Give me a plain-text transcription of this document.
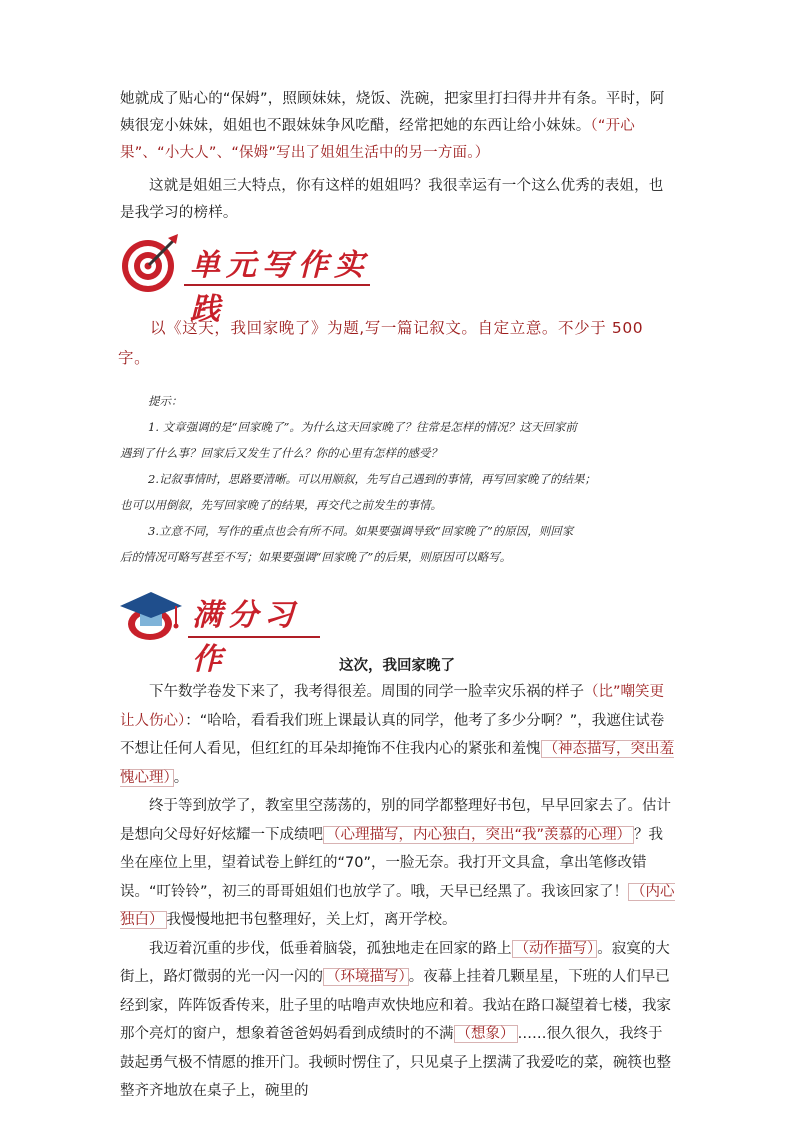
她就成了贴心的“保姆”，照顾妹妹，烧饭、洗碗，把家里打扫得井井有条。平时，阿姨很宠小妹妹，姐姐也不跟妹妹争风吃醋，经常把她的东西让给小妹妹。（“开心果”、“小大人”、“保姆”写出了姐姐生活中的另一方面。）
这就是姐姐三大特点，你有这样的姐姐吗？我很幸运有一个这么优秀的表姐，也是我学习的榜样。
单元写作实践
以《这天，我回家晚了》为题,写一篇记叙文。自定立意。不少于 500
字。
提示：
1. 文章强调的是“回家晚了”。为什么这天回家晚了？往常是怎样的情况？这天回家前
遇到了什么事？回家后又发生了什么？你的心里有怎样的感受？
2.记叙事情时，思路要清晰。可以用顺叙，先写自己遇到的事情，再写回家晚了的结果；
也可以用倒叙，先写回家晚了的结果，再交代之前发生的事情。
3.立意不同，写作的重点也会有所不同。如果要强调导致“回家晚了”的原因，则回家
后的情况可略写甚至不写；如果要强调“回家晚了”的后果，则原因可以略写。
满分习作	这次，我回家晚了

下午数学卷发下来了，我考得很差。周围的同学一脸幸灾乐祸的样子（比”嘲笑更让人伤心）：“哈哈，看看我们班上课最认真的同学，他考了多少分啊？”，我遮住试卷不想让任何人看见，但红红的耳朵却掩饰不住我内心的紧张和羞愧 （神态描写，突出羞愧心理） 。

终于等到放学了，教室里空荡荡的，别的同学都整理好书包，早早回家去了。估计是想向父母好好炫耀一下成绩吧 （心理描写，内心独白，突出“我”羡慕的心理） ？我坐在座位上里，望着试卷上鲜红的“70”，一脸无奈。我打开文具盒，拿出笔修改错误。“叮铃铃”，初三的哥哥姐姐们也放学了。哦，天早已经黑了。我该回家了！ （内心独白） 我慢慢地把书包整理好，关上灯，离开学校。

我迈着沉重的步伐，低垂着脑袋，孤独地走在回家的路上 （动作描写） 。寂寞的大街上，路灯微弱的光一闪一闪的 （环境描写） 。夜幕上挂着几颗星星，下班的人们早已经到家，阵阵饭香传来，肚子里的咕噜声欢快地应和着。我站在路口凝望着七楼，我家那个亮灯的窗户，想象着爸爸妈妈看到成绩时的不满 （想象） ……很久很久，我终于鼓起勇气极不情愿的推开门。我顿时愣住了，只见桌子上摆满了我爱吃的菜，碗筷也整整齐齐地放在桌子上，碗里的
